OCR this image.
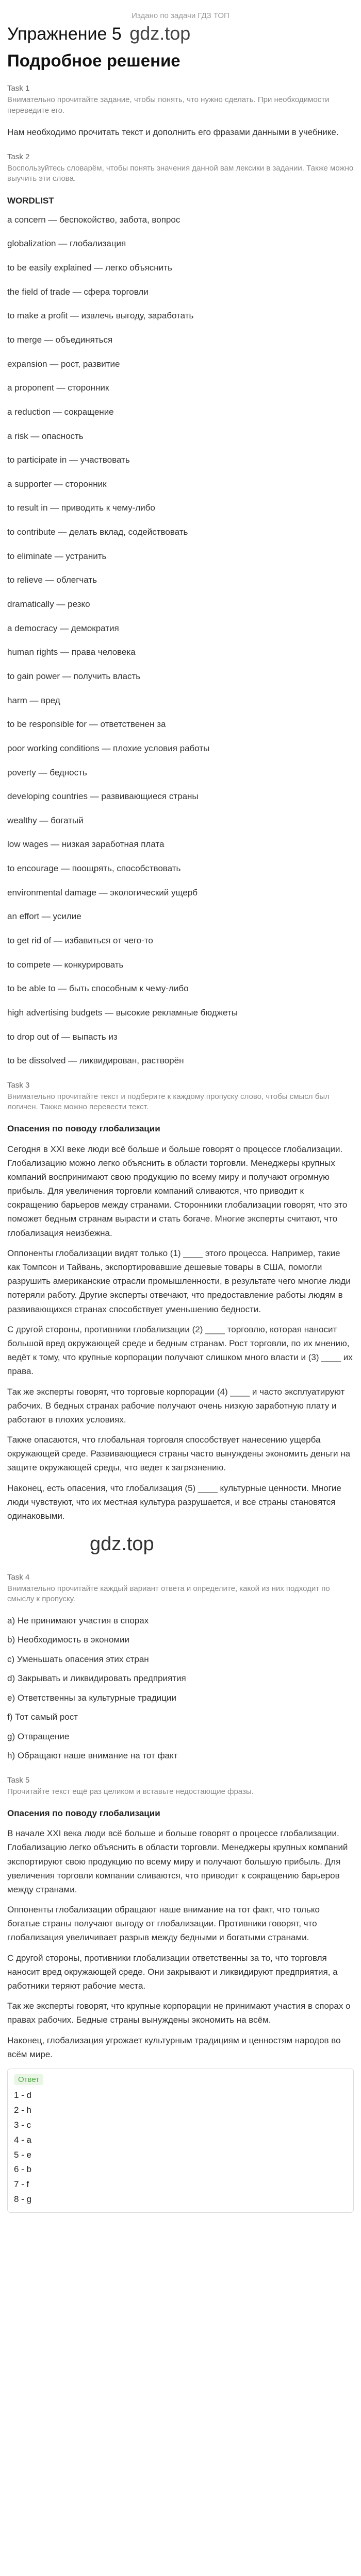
Издано по задачи ГДЗ ТОП
Упражнение 5 gdz.top
Подробное решение
Task 1
Внимательно прочитайте задание, чтобы понять, что нужно сделать. При необходимости переведите его.

Нам необходимо прочитать текст и дополнить его фразами данными в учебнике.

Task 2
Воспользуйтесь словарём, чтобы понять значения данной вам лексики в задании. Также можно выучить эти слова.
WORDLIST
a concern — беспокойство, забота, вопрос
globalization — глобализация
to be easily explained — легко объяснить
the field of trade — сфера торговли
to make a profit — извлечь выгоду, заработать
to merge — объединяться
expansion — рост, развитие
a proponent — сторонник
a reduction — сокращение
a risk — опасность
to participate in — участвовать
a supporter — сторонник
to result in — приводить к чему-либо
to contribute — делать вклад, содействовать
to eliminate — устранить
to relieve — облегчать
dramatically — резко
a democracy — демократия
human rights — права человека
to gain power — получить власть
harm — вред
to be responsible for — ответственен за
poor working conditions — плохие условия работы
poverty — бедность
developing countries — развивающиеся страны
wealthy — богатый
low wages — низкая заработная плата
to encourage — поощрять, способствовать
environmental damage — экологический ущерб
an effort — усилие
to get rid of — избавиться от чего-то
to compete — конкурировать
to be able to — быть способным к чему-либо
high advertising budgets — высокие рекламные бюджеты
to drop out of — выпасть из
to be dissolved — ликвидирован, растворён
Task 3
Внимательно прочитайте текст и подберите к каждому пропуску слово, чтобы смысл был логичен. Также можно перевести текст.
Опасения по поводу глобализации

Сегодня в XXI веке люди всё больше и больше говорят о процессе глобализации. Глобализацию можно легко объяснить в области торговли. Менеджеры крупных компаний воспринимают свою продукцию по всему миру и получают огромную прибыль. Для увеличения торговли компаний сливаются, что приводит к сокращению барьеров между странами. Сторонники глобализации говорят, что это поможет бедным странам вырасти и стать богаче. Многие эксперты считают, что глобализация неизбежна.

Оппоненты глобализации видят только (1) ____ этого процесса. Например, такие как Томпсон и Тайвань, экспортировавшие дешевые товары в США, помогли разрушить американские отрасли промышленности, в результате чего многие люди потеряли работу. Другие эксперты отвечают, что предоставление работы людям в развивающихся странах способствует уменьшению бедности.

С другой стороны, противники глобализации (2) ____ торговлю, которая наносит большой вред окружающей среде и бедным странам. Рост торговли, по их мнению, ведёт к тому, что крупные корпорации получают слишком много власти и (3) ____ их права.

Так же эксперты говорят, что торговые корпорации (4) ____ и часто эксплуатируют рабочих. В бедных странах рабочие получают очень низкую заработную плату и работают в плохих условиях.

Также опасаются, что глобальная торговля способствует нанесению ущерба окружающей среде. Развивающиеся страны часто вынуждены экономить деньги на защите окружающей среды, что ведет к загрязнению.

Наконец, есть опасения, что глобализация (5) ____ культурные ценности. Многие люди чувствуют, что их местная культура разрушается, и все страны становятся одинаковыми.

gdz.top
Task 4
Внимательно прочитайте каждый вариант ответа и определите, какой из них подходит по смыслу к пропуску.
a) Не принимают участия в спорах
b) Необходимость в экономии
c) Уменьшать опасения этих стран
d) Закрывать и ликвидировать предприятия
e) Ответственны за культурные традиции
f) Тот самый рост
g) Отвращение
h) Обращают наше внимание на тот факт
Task 5
Прочитайте текст ещё раз целиком и вставьте недостающие фразы.
Опасения по поводу глобализации

В начале XXI века люди всё больше и больше говорят о процессе глобализации. Глобализацию легко объяснить в области торговли. Менеджеры крупных компаний экспортируют свою продукцию по всему миру и получают большую прибыль. Для увеличения торговли компании сливаются, что приводит к сокращению барьеров между странами.

Оппоненты глобализации обращают наше внимание на тот факт, что только богатые страны получают выгоду от глобализации. Противники говорят, что глобализация увеличивает разрыв между бедными и богатыми странами.

С другой стороны, противники глобализации ответственны за то, что торговля наносит вред окружающей среде. Они закрывают и ликвидируют предприятия, а работники теряют рабочие места.

Так же эксперты говорят, что крупные корпорации не принимают участия в спорах о правах рабочих. Бедные страны вынуждены экономить на всём.

Наконец, глобализация угрожает культурным традициям и ценностям народов во всём мире.

Ответ
1 - d
2 - h
3 - c
4 - a
5 - e
6 - b
7 - f
8 - g
